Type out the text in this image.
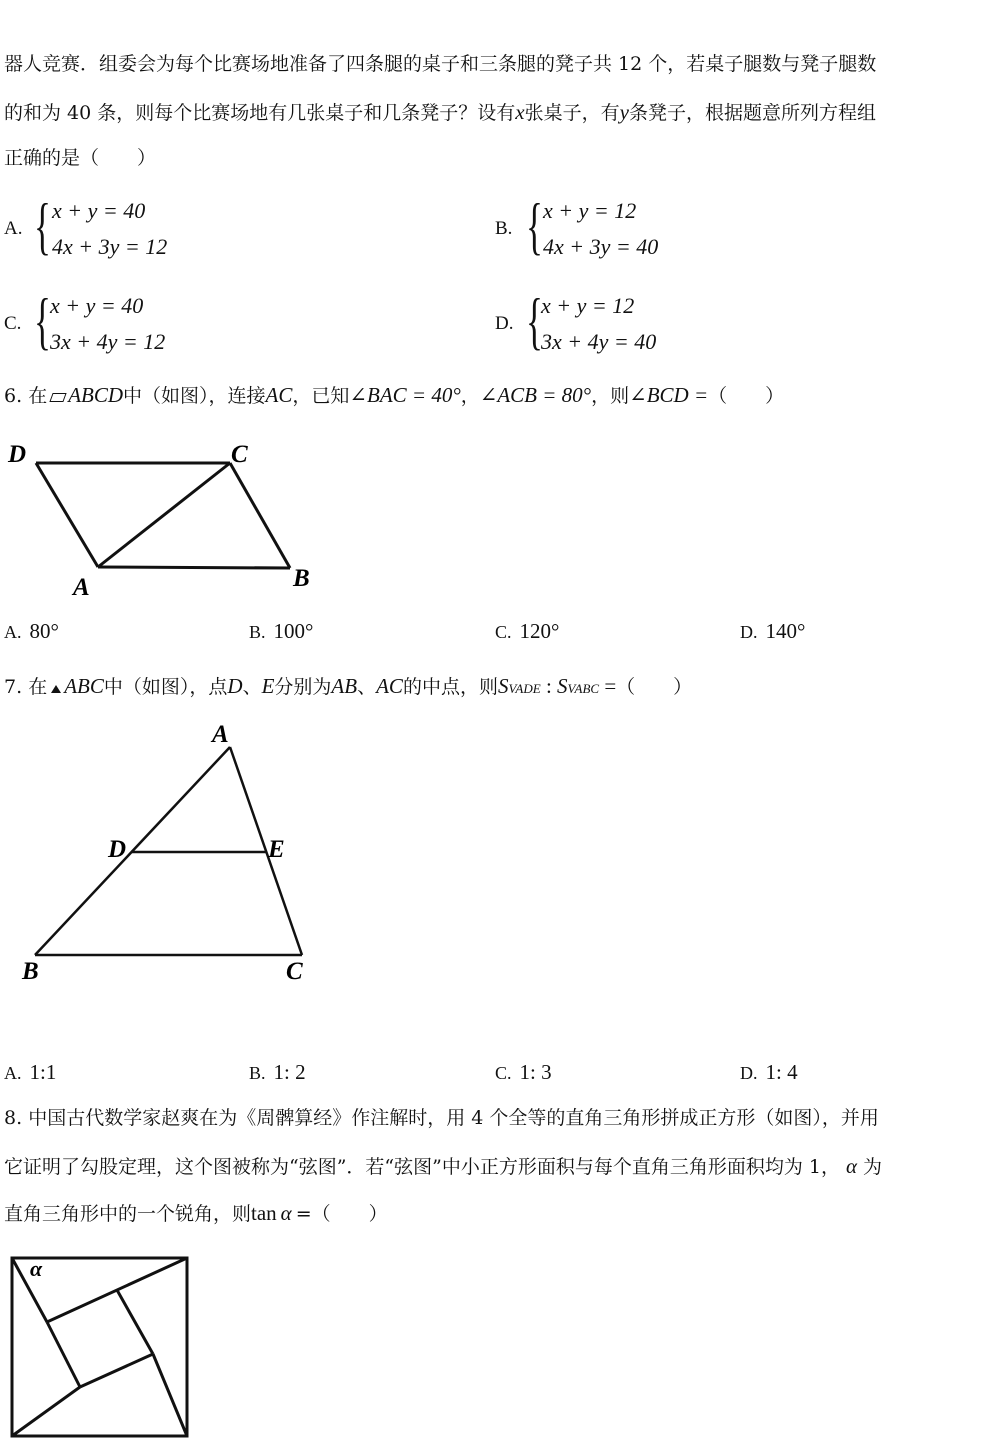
器人竞赛．组委会为每个比赛场地准备了四条腿的桌子和三条腿的凳子共 12 个，若桌子腿数与凳子腿数
的和为 40 条，则每个比赛场地有几张桌子和几条凳子？设有x张桌子，有y条凳子，根据题意所列方程组
正确的是（　　）
A. { x + y = 40
4x + 3y = 12
B. { x + y = 12
4x + 3y = 40
C. { x + y = 40
3x + 4y = 12
D. {
x + y = 12
3x + 4y = 40
6. 在 ABCD中（如图），连接AC，已知∠BAC = 40°，∠ACB = 80°，则∠BCD =（　　）
D	C
A	B
A. 80°	B. 100°	C. 120°	D. 140°
7. 在 ABC中（如图），点D、E分别为AB、AC的中点，则SVADE : SVABC =（　　）
A
D	E
B	C
A. 1:1	B. 1: 2	C. 1: 3	D. 1: 4
8. 中国古代数学家赵爽在为《周髀算经》作注解时，用 4 个全等的直角三角形拼成正方形（如图），并用
它证明了勾股定理，这个图被称为“弦图”．若“弦图”中小正方形面积与每个直角三角形面积均为 1， α 为
直角三角形中的一个锐角，则tan α =（　　）
α
